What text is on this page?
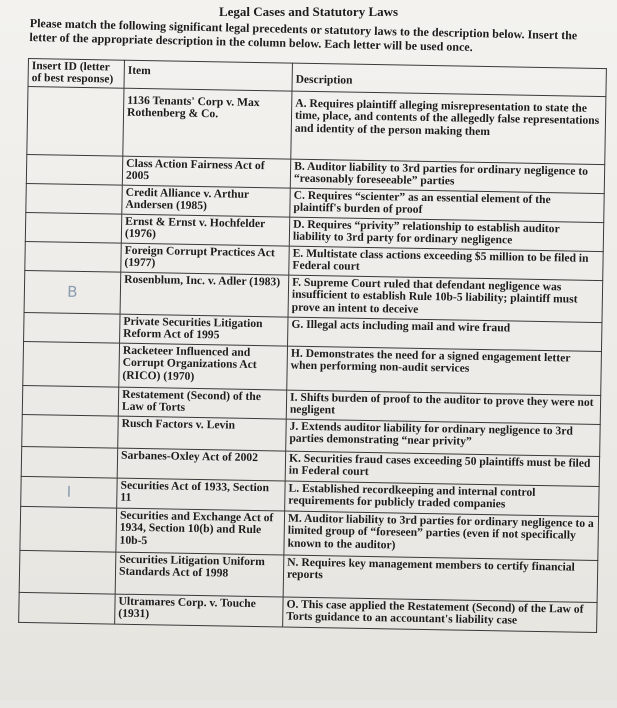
Legal Cases and Statutory Laws
Please match the following significant legal precedents or statutory laws to the description below. Insert the letter of the appropriate description in the column below. Each letter will be used once.
Insert ID (letter of best response)	Item	Description
	1136 Tenants' Corp v. Max Rothenberg & Co.	A. Requires plaintiff alleging misrepresentation to state the time, place, and contents of the allegedly false representations and identity of the person making them
	Class Action Fairness Act of 2005	B. Auditor liability to 3rd parties for ordinary negligence to “reasonably foreseeable” parties
	Credit Alliance v. Arthur Andersen (1985)	C. Requires “scienter” as an essential element of the plaintiff's burden of proof
	Ernst & Ernst v. Hochfelder (1976)	D. Requires “privity” relationship to establish auditor liability to 3rd party for ordinary negligence
	Foreign Corrupt Practices Act (1977)	E. Multistate class actions exceeding $5 million to be filed in Federal court
B	Rosenblum, Inc. v. Adler (1983)	F. Supreme Court ruled that defendant negligence was insufficient to establish Rule 10b-5 liability; plaintiff must prove an intent to deceive
	Private Securities Litigation Reform Act of 1995	G. Illegal acts including mail and wire fraud
	Racketeer Influenced and Corrupt Organizations Act (RICO) (1970)	H. Demonstrates the need for a signed engagement letter when performing non-audit services
	Restatement (Second) of the Law of Torts	I. Shifts burden of proof to the auditor to prove they were not negligent
	Rusch Factors v. Levin	J. Extends auditor liability for ordinary negligence to 3rd parties demonstrating “near privity”
	Sarbanes-Oxley Act of 2002	K. Securities fraud cases exceeding 50 plaintiffs must be filed in Federal court
I	Securities Act of 1933, Section 11	L. Established recordkeeping and internal control requirements for publicly traded companies
	Securities and Exchange Act of 1934, Section 10(b) and Rule 10b-5	M. Auditor liability to 3rd parties for ordinary negligence to a limited group of “foreseen” parties (even if not specifically known to the auditor)
	Securities Litigation Uniform Standards Act of 1998	N. Requires key management members to certify financial reports
	Ultramares Corp. v. Touche (1931)	O. This case applied the Restatement (Second) of the Law of Torts guidance to an accountant's liability case
